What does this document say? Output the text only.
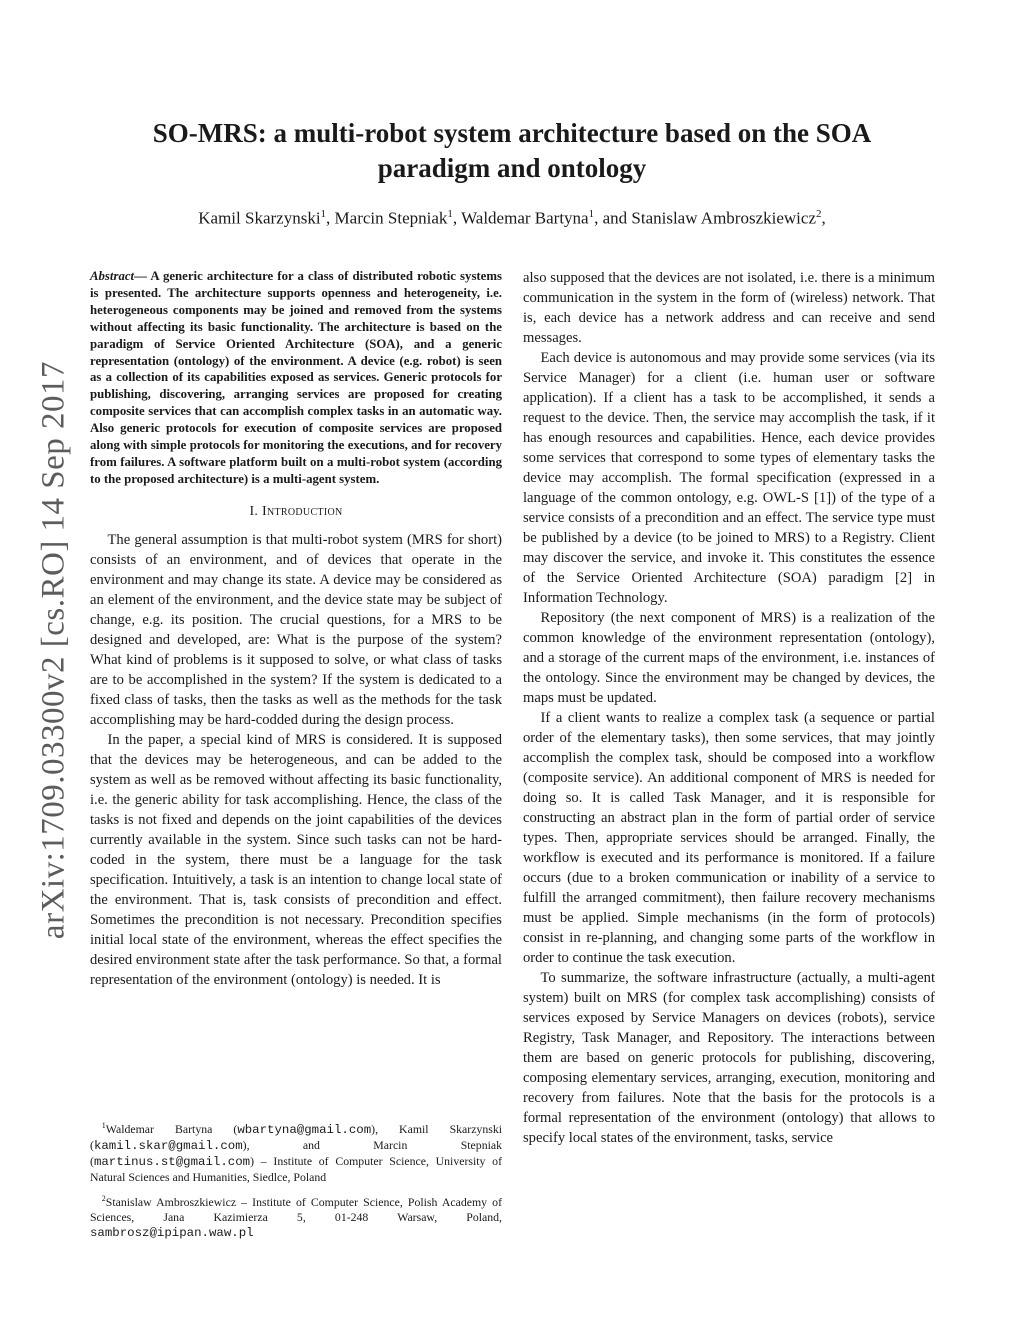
arXiv:1709.03300v2 [cs.RO] 14 Sep 2017
SO-MRS: a multi-robot system architecture based on the SOA paradigm and ontology
Kamil Skarzynski$^1$, Marcin Stepniak$^1$, Waldemar Bartyna$^1$, and Stanislaw Ambroszkiewicz$^2$,

Abstract— A generic architecture for a class of distributed robotic systems is presented. The architecture supports openness and heterogeneity, i.e. heterogeneous components may be joined and removed from the systems without affecting its basic functionality. The architecture is based on the paradigm of Service Oriented Architecture (SOA), and a generic representation (ontology) of the environment. A device (e.g. robot) is seen as a collection of its capabilities exposed as services. Generic protocols for publishing, discovering, arranging services are proposed for creating composite services that can accomplish complex tasks in an automatic way. Also generic protocols for execution of composite services are proposed along with simple protocols for monitoring the executions, and for recovery from failures. A software platform built on a multi-robot system (according to the proposed architecture) is a multi-agent system.

I. Introduction

The general assumption is that multi-robot system (MRS for short) consists of an environment, and of devices that operate in the environment and may change its state. A device may be considered as an element of the environment, and the device state may be subject of change, e.g. its position. The crucial questions, for a MRS to be designed and developed, are: What is the purpose of the system? What kind of problems is it supposed to solve, or what class of tasks are to be accomplished in the system? If the system is dedicated to a fixed class of tasks, then the tasks as well as the methods for the task accomplishing may be hard-codded during the design process.

In the paper, a special kind of MRS is considered. It is supposed that the devices may be heterogeneous, and can be added to the system as well as be removed without affecting its basic functionality, i.e. the generic ability for task accomplishing. Hence, the class of the tasks is not fixed and depends on the joint capabilities of the devices currently available in the system. Since such tasks can not be hard-coded in the system, there must be a language for the task specification. Intuitively, a task is an intention to change local state of the environment. That is, task consists of precondition and effect. Sometimes the precondition is not necessary. Precondition specifies initial local state of the environment, whereas the effect specifies the desired environment state after the task performance. So that, a formal representation of the environment (ontology) is needed. It is

$^1$Waldemar Bartyna (wbartyna@gmail.com), Kamil Skarzynski (kamil.skar@gmail.com), and Marcin Stepniak (martinus.st@gmail.com) – Institute of Computer Science, University of Natural Sciences and Humanities, Siedlce, Poland

$^2$Stanislaw Ambroszkiewicz – Institute of Computer Science, Polish Academy of Sciences, Jana Kazimierza 5, 01-248 Warsaw, Poland, sambrosz@ipipan.waw.pl

also supposed that the devices are not isolated, i.e. there is a minimum communication in the system in the form of (wireless) network. That is, each device has a network address and can receive and send messages.

Each device is autonomous and may provide some services (via its Service Manager) for a client (i.e. human user or software application). If a client has a task to be accomplished, it sends a request to the device. Then, the service may accomplish the task, if it has enough resources and capabilities. Hence, each device provides some services that correspond to some types of elementary tasks the device may accomplish. The formal specification (expressed in a language of the common ontology, e.g. OWL-S [1]) of the type of a service consists of a precondition and an effect. The service type must be published by a device (to be joined to MRS) to a Registry. Client may discover the service, and invoke it. This constitutes the essence of the Service Oriented Architecture (SOA) paradigm [2] in Information Technology.

Repository (the next component of MRS) is a realization of the common knowledge of the environment representation (ontology), and a storage of the current maps of the environment, i.e. instances of the ontology. Since the environment may be changed by devices, the maps must be updated.

If a client wants to realize a complex task (a sequence or partial order of the elementary tasks), then some services, that may jointly accomplish the complex task, should be composed into a workflow (composite service). An additional component of MRS is needed for doing so. It is called Task Manager, and it is responsible for constructing an abstract plan in the form of partial order of service types. Then, appropriate services should be arranged. Finally, the workflow is executed and its performance is monitored. If a failure occurs (due to a broken communication or inability of a service to fulfill the arranged commitment), then failure recovery mechanisms must be applied. Simple mechanisms (in the form of protocols) consist in re-planning, and changing some parts of the workflow in order to continue the task execution.

To summarize, the software infrastructure (actually, a multi-agent system) built on MRS (for complex task accomplishing) consists of services exposed by Service Managers on devices (robots), service Registry, Task Manager, and Repository. The interactions between them are based on generic protocols for publishing, discovering, composing elementary services, arranging, execution, monitoring and recovery from failures. Note that the basis for the protocols is a formal representation of the environment (ontology) that allows to specify local states of the environment, tasks, service
